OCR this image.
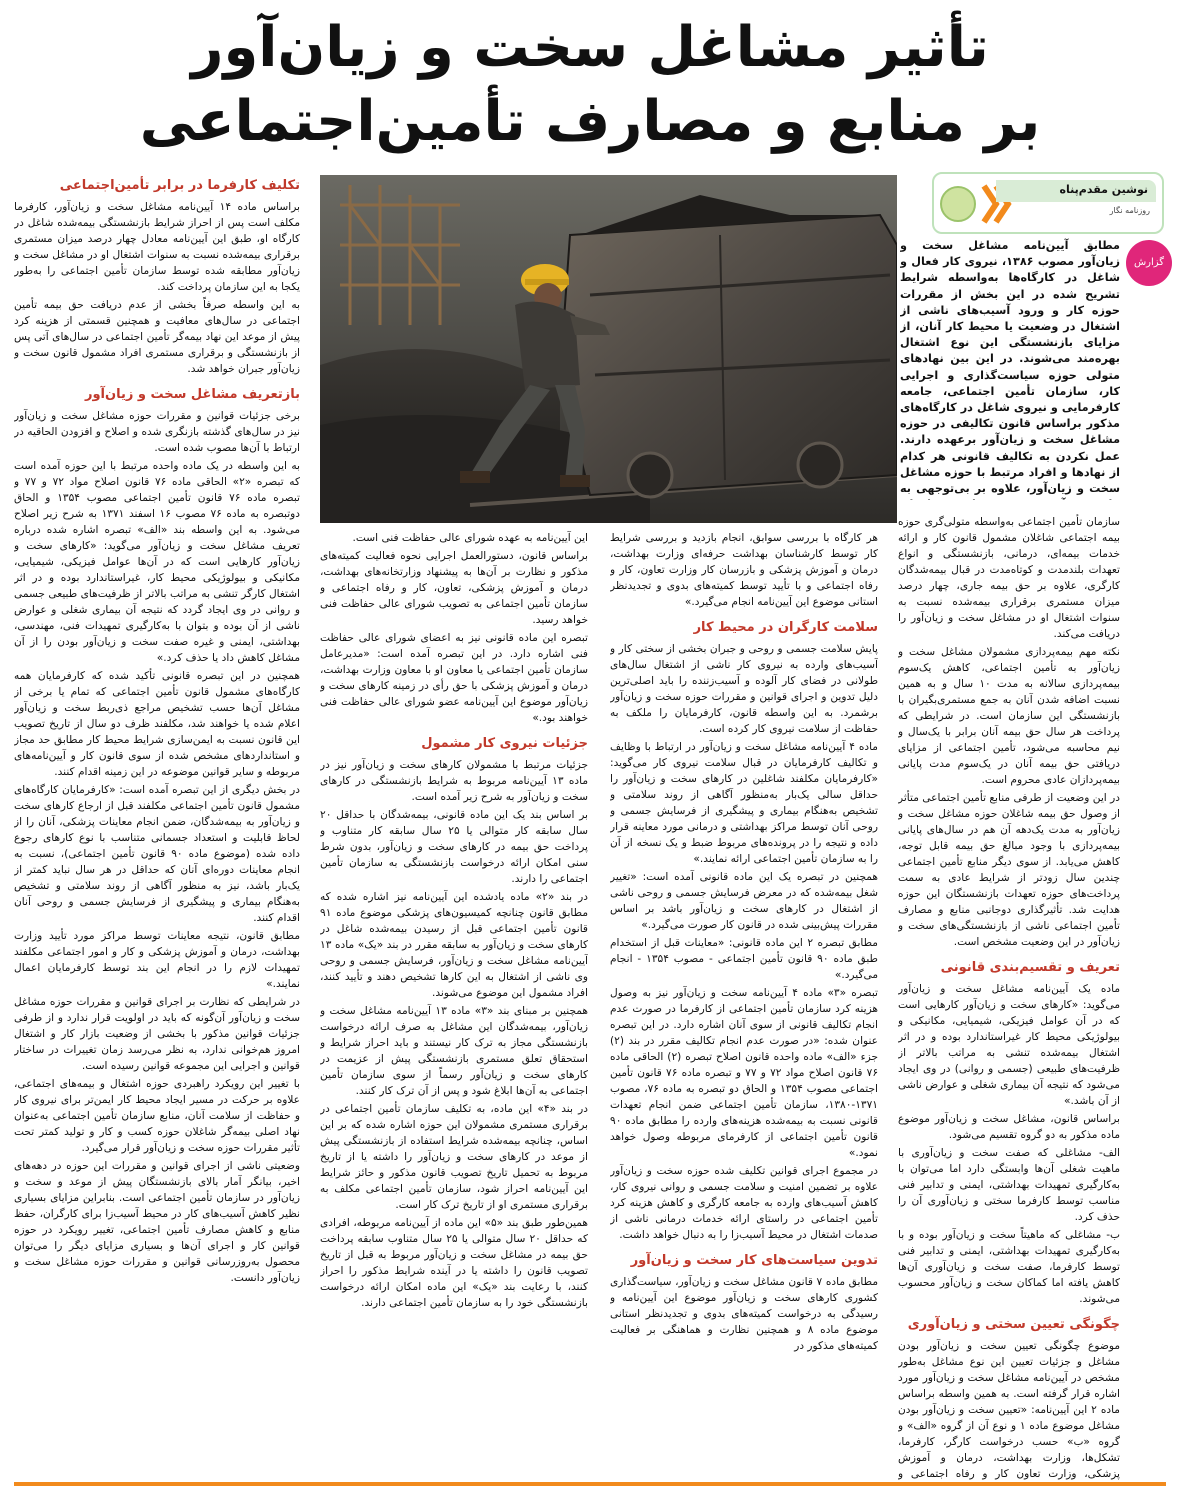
تأثیر مشاغل سخت و زیان‌آور
بر منابع و مصارف تأمین‌اجتماعی
نوشین مقدم‌پناه
روزنامه نگار
گزارش
مطابق آیین‌نامه مشاغل سخت و زیان‌آور مصوب ۱۳۸۶، نیروی کار فعال و شاغل در کارگاه‌ها به‌واسطه شرایط تشریح شده در این بخش از مقررات حوزه کار و ورود آسیب‌های ناشی از اشتغال در وضعیت یا محیط کار آنان، از مزایای بازنشستگی این نوع اشتغال بهره‌مند می‌شوند. در این بین نهادهای متولی حوزه سیاست‌گذاری و اجرایی کار، سازمان تأمین اجتماعی، جامعه کارفرمایی و نیروی شاغل در کارگاه‌های مذکور براساس قانون تکالیفی در حوزه مشاغل سخت و زیان‌آور برعهده دارند. عمل نکردن به تکالیف قانونی هر کدام از نهادها و افراد مرتبط با حوزه مشاغل سخت و زیان‌آور، علاوه بر بی‌توجهی به

سازمان تأمین اجتماعی به‌واسطه متولی‌گری حوزه بیمه اجتماعی شاغلان مشمول قانون کار و ارائه خدمات بیمه‌ای، درمانی، بازنشستگی و انواع تعهدات بلندمدت و کوتاه‌مدت در قبال بیمه‌شدگان کارگری، علاوه بر حق بیمه جاری، چهار درصد میزان مستمری برقراری بیمه‌شده نسبت به سنوات اشتغال او در مشاغل سخت و زیان‌آور را دریافت می‌کند.

نکته مهم بیمه‌پردازی مشمولان مشاغل سخت و زیان‌آور به تأمین اجتماعی، کاهش یک‌سوم بیمه‌پردازی سالانه به مدت ۱۰ سال و به همین نسبت اضافه شدن آنان به جمع مستمری‌بگیران با بازنشستگی این سازمان است. در شرایطی که پرداخت هر سال حق بیمه آنان برابر با یک‌سال و نیم محاسبه می‌شود، تأمین اجتماعی از مزایای دریافتی حق بیمه آنان در یک‌سوم مدت پایانی بیمه‌پردازان عادی محروم است.

در این وضعیت از طرفی منابع تأمین اجتماعی متأثر از وصول حق بیمه شاغلان حوزه مشاغل سخت و زیان‌آور به مدت یک‌دهه آن هم در سال‌های پایانی بیمه‌پردازی با وجود مبالغ حق بیمه قابل توجه، کاهش می‌یابد. از سوی دیگر منابع تأمین اجتماعی چندین سال زودتر از شرایط عادی به سمت پرداخت‌های حوزه تعهدات بازنشستگان این حوزه هدایت شد. تأثیرگذاری دوجانبی منابع و مصارف تأمین اجتماعی ناشی از بازنشستگی‌های سخت و زیان‌آور در این وضعیت مشخص است.

تعریف و تقسیم‌بندی قانونی

ماده یک آیین‌نامه مشاغل سخت و زیان‌آور می‌گوید: «کارهای سخت و زیان‌آور کارهایی است که در آن عوامل فیزیکی، شیمیایی، مکانیکی و بیولوژیکی محیط کار غیراستاندارد بوده و در اثر اشتغال بیمه‌شده تنشی به مراتب بالاتر از ظرفیت‌های طبیعی (جسمی و روانی) در وی ایجاد می‌شود که نتیجه آن بیماری شغلی و عوارض ناشی از آن باشد.»

براساس قانون، مشاغل سخت و زیان‌آور موضوع ماده مذکور به دو گروه تقسیم می‌شود.

الف- مشاغلی که صفت سخت و زیان‌آوری با ماهیت شغلی آن‌ها وابستگی دارد اما می‌توان با به‌کارگیری تمهیدات بهداشتی، ایمنی و تدابیر فنی مناسب توسط کارفرما سختی و زیان‌آوری آن را حذف کرد.

ب- مشاغلی که ماهیتاً سخت و زیان‌آور بوده و با به‌کارگیری تمهیدات بهداشتی، ایمنی و تدابیر فنی توسط کارفرما، صفت سخت و زیان‌آوری آن‌ها کاهش یافته اما کماکان سخت و زیان‌آور محسوب می‌شوند.

چگونگی تعیین سختی و زیان‌آوری

موضوع چگونگی تعیین سخت و زیان‌آور بودن مشاغل و جزئیات تعیین این نوع مشاغل به‌طور مشخص در آیین‌نامه مشاغل سخت و زیان‌آور مورد اشاره قرار گرفته است. به همین واسطه براساس ماده ۲ این آیین‌نامه: «تعیین سخت و زیان‌آور بودن مشاغل موضوع ماده ۱ و نوع آن از گروه «الف» و گروه «ب» حسب درخواست کارگر، کارفرما، تشکل‌ها، وزارت بهداشت، درمان و آموزش پزشکی، وزارت تعاون کار و رفاه اجتماعی و

هر کارگاه با بررسی سوابق، انجام بازدید و بررسی شرایط کار توسط کارشناسان بهداشت حرفه‌ای وزارت بهداشت، درمان و آموزش پزشکی و بازرسان کار وزارت تعاون، کار و رفاه اجتماعی و با تأیید توسط کمیته‌های بدوی و تجدیدنظر استانی موضوع این آیین‌نامه انجام می‌گیرد.»

سلامت کارگران در محیط کار

پایش سلامت جسمی و روحی و جبران بخشی از سختی کار و آسیب‌های وارده به نیروی کار ناشی از اشتغال سال‌های طولانی در فضای کار آلوده و آسیب‌زننده را باید اصلی‌ترین دلیل تدوین و اجرای قوانین و مقررات حوزه سخت و زیان‌آور برشمرد. به این واسطه قانون، کارفرمایان را ملکف به حفاظت از سلامت نیروی کار کرده است.

ماده ۴ آیین‌نامه مشاغل سخت و زیان‌آور در ارتباط با وظایف و تکالیف کارفرمایان در قبال سلامت نیروی کار می‌گوید: «کارفرمایان مکلفند شاغلین در کارهای سخت و زیان‌آور را حداقل سالی یک‌بار به‌منظور آگاهی از روند سلامتی و تشخیص به‌هنگام بیماری و پیشگیری از فرسایش جسمی و روحی آنان توسط مراکز بهداشتی و درمانی مورد معاینه قرار داده و نتیجه را در پرونده‌های مربوط ضبط و یک نسخه از آن را به سازمان تأمین اجتماعی ارائه نمایند.»

همچنین در تبصره یک این ماده قانونی آمده است: «تغییر شغل بیمه‌شده که در معرض فرسایش جسمی و روحی ناشی از اشتغال در کارهای سخت و زیان‌آور باشد بر اساس مقررات پیش‌بینی شده در قانون کار صورت می‌گیرد.»

مطابق تبصره ۲ این ماده قانونی: «معاینات قبل از استخدام طبق ماده ۹۰ قانون تأمین اجتماعی - مصوب ۱۳۵۴ - انجام می‌گیرد.»

تبصره «۳» ماده ۴ آیین‌نامه سخت و زیان‌آور نیز به وصول هزینه کرد سازمان تأمین اجتماعی از کارفرما در صورت عدم انجام تکالیف قانونی از سوی آنان اشاره دارد. در این تبصره عنوان شده: «در صورت عدم انجام تکالیف مقرر در بند (۲) جزء «الف» ماده واحده قانون اصلاح تبصره (۲) الحاقی ماده ۷۶ قانون اصلاح مواد ۷۲ و ۷۷ و تبصره ماده ۷۶ قانون تأمین اجتماعی مصوب ۱۳۵۴ و الحاق دو تبصره به ماده ۷۶، مصوب ۱۳۷۱-۱۳۸۰، سازمان تأمین اجتماعی ضمن انجام تعهدات قانونی نسبت به بیمه‌شده هزینه‌های وارده را مطابق ماده ۹۰ قانون تأمین اجتماعی از کارفرمای مربوطه وصول خواهد نمود.»

در مجموع اجرای قوانین تکلیف شده حوزه سخت و زیان‌آور علاوه بر تضمین امنیت و سلامت جسمی و روانی نیروی کار، کاهش آسیب‌های وارده به جامعه کارگری و کاهش هزینه کرد تأمین اجتماعی در راستای ارائه خدمات درمانی ناشی از صدمات اشتغال در محیط آسیب‌زا را به دنبال خواهد داشت.

تدوین سیاست‌های کار سخت و زیان‌آور

مطابق ماده ۷ قانون مشاغل سخت و زیان‌آور، سیاست‌گذاری کشوری کارهای سخت و زیان‌آور موضوع این آیین‌نامه و رسیدگی به درخواست کمیته‌های بدوی و تجدیدنظر استانی موضوع ماده ۸ و همچنین نظارت و هماهنگی بر فعالیت کمیته‌های مذکور در

این آیین‌نامه به عهده شورای عالی حفاظت فنی است.

براساس قانون، دستورالعمل اجرایی نحوه فعالیت کمیته‌های مذکور و نظارت بر آن‌ها به پیشنهاد وزارتخانه‌های بهداشت، درمان و آموزش پزشکی، تعاون، کار و رفاه اجتماعی و سازمان تأمین اجتماعی به تصویب شورای عالی حفاظت فنی خواهد رسید.

تبصره این ماده قانونی نیز به اعضای شورای عالی حفاظت فنی اشاره دارد. در این تبصره آمده است: «مدیرعامل سازمان تأمین اجتماعی یا معاون او با معاون وزارت بهداشت، درمان و آموزش پزشکی با حق رأی در زمینه کارهای سخت و زیان‌آور موضوع این آیین‌نامه عضو شورای عالی حفاظت فنی خواهند بود.»

جزئیات نیروی کار مشمول

جزئیات مرتبط با مشمولان کارهای سخت و زیان‌آور نیز در ماده ۱۳ آیین‌نامه مربوط به شرایط بازنشستگی در کارهای سخت و زیان‌آور به شرح زیر آمده است.

بر اساس بند یک این ماده قانونی، بیمه‌شدگان با حداقل ۲۰ سال سابقه کار متوالی یا ۲۵ سال سابقه کار متناوب و پرداخت حق بیمه در کارهای سخت و زیان‌آور، بدون شرط سنی امکان ارائه درخواست بازنشستگی به سازمان تأمین اجتماعی را دارند.

در بند «۲» ماده یادشده این آیین‌نامه نیز اشاره شده که مطابق قانون چنانچه کمیسیون‌های پزشکی موضوع ماده ۹۱ قانون تأمین اجتماعی قبل از رسیدن بیمه‌شده شاغل در کارهای سخت و زیان‌آور به سابقه مقرر در بند «یک» ماده ۱۳ آیین‌نامه مشاغل سخت و زیان‌آور، فرسایش جسمی و روحی وی ناشی از اشتغال به این کارها تشخیص دهند و تأیید کنند، افراد مشمول این موضوع می‌شوند.

همچنین بر مبنای بند «۳» ماده ۱۳ آیین‌نامه مشاغل سخت و زیان‌آور، بیمه‌شدگان این مشاغل به صرف ارائه درخواست بازنشستگی مجاز به ترک کار نیستند و باید احراز شرایط و استحقاق تعلق مستمری بازنشستگی پیش از عزیمت در کارهای سخت و زیان‌آور رسماً از سوی سازمان تأمین اجتماعی به آن‌ها ابلاغ شود و پس از آن ترک کار کنند.

در بند «۴» این ماده، به تکلیف سازمان تأمین اجتماعی در برقراری مستمری مشمولان این حوزه اشاره شده که بر این اساس، چنانچه بیمه‌شده شرایط استفاده از بازنشستگی پیش از موعد در کارهای سخت و زیان‌آور را داشته یا از تاریخ مربوط به تحمیل تاریخ تصویب قانون مذکور و حائز شرایط این آیین‌نامه احراز شود، سازمان تأمین اجتماعی مکلف به برقراری مستمری او از تاریخ ترک کار است.

همین‌طور طبق بند «۵» این ماده از آیین‌نامه مربوطه، افرادی که حداقل ۲۰ سال متوالی یا ۲۵ سال متناوب سابقه پرداخت حق بیمه در مشاغل سخت و زیان‌آور مربوط به قبل از تاریخ تصویب قانون را داشته یا در آینده شرایط مذکور را احراز کنند، با رعایت بند «یک» این ماده امکان ارائه درخواست بازنشستگی خود را به سازمان تأمین اجتماعی دارند.

تکلیف کارفرما در برابر تأمین‌اجتماعی

براساس ماده ۱۴ آیین‌نامه مشاغل سخت و زیان‌آور، کارفرما مکلف است پس از احراز شرایط بازنشستگی بیمه‌شده شاغل در کارگاه او، طبق این آیین‌نامه معادل چهار درصد میزان مستمری برقراری بیمه‌شده نسبت به سنوات اشتغال او در مشاغل سخت و زیان‌آور مطابقه شده توسط سازمان تأمین اجتماعی را به‌طور یکجا به این سازمان پرداخت کند.

به این واسطه صرفاً بخشی از عدم دریافت حق بیمه تأمین اجتماعی در سال‌های معافیت و همچنین قسمتی از هزینه کرد پیش از موعد این نهاد بیمه‌گر تأمین اجتماعی در سال‌های آتی پس از بازنشستگی و برقراری مستمری افراد مشمول قانون سخت و زیان‌آور جبران خواهد شد.

بازتعریف مشاغل سخت و زیان‌آور

برخی جزئیات قوانین و مقررات حوزه مشاغل سخت و زیان‌آور نیز در سال‌های گذشته بازنگری شده و اصلاح و افزودن الحاقیه در ارتباط با آن‌ها مصوب شده است.

به این واسطه در یک ماده واحده مرتبط با این حوزه آمده است که تبصره «۲» الحاقی ماده ۷۶ قانون اصلاح مواد ۷۲ و ۷۷ و تبصره ماده ۷۶ قانون تأمین اجتماعی مصوب ۱۳۵۴ و الحاق دوتبصره به ماده ۷۶ مصوب ۱۶ اسفند ۱۳۷۱ به شرح زیر اصلاح می‌شود. به این واسطه بند «الف» تبصره اشاره شده درباره تعریف مشاغل سخت و زیان‌آور می‌گوید: «کارهای سخت و زیان‌آور کارهایی است که در آن‌ها عوامل فیزیکی، شیمیایی، مکانیکی و بیولوژیکی محیط کار، غیراستاندارد بوده و در اثر اشتغال کارگر تنشی به مراتب بالاتر از ظرفیت‌های طبیعی جسمی و روانی در وی ایجاد گردد که نتیجه آن بیماری شغلی و عوارض ناشی از آن بوده و بتوان با به‌کارگیری تمهیدات فنی، مهندسی، بهداشتی، ایمنی و غیره صفت سخت و زیان‌آور بودن را از آن مشاغل کاهش داد یا حذف کرد.»

همچنین در این تبصره قانونی تأکید شده که کارفرمایان همه کارگاه‌های مشمول قانون تأمین اجتماعی که تمام یا برخی از مشاغل آن‌ها حسب تشخیص مراجع ذی‌ربط سخت و زیان‌آور اعلام شده یا خواهند شد، مکلفند ظرف دو سال از تاریخ تصویب این قانون نسبت به ایمن‌سازی شرایط محیط کار مطابق حد مجاز و استانداردهای مشخص شده از سوی قانون کار و آیین‌نامه‌های مربوطه و سایر قوانین موضوعه در این زمینه اقدام کنند.

در بخش دیگری از این تبصره آمده است: «کارفرمایان کارگاه‌های مشمول قانون تأمین اجتماعی مکلفند قبل از ارجاع کارهای سخت و زیان‌آور به بیمه‌شدگان، ضمن انجام معاینات پزشکی، آنان را از لحاظ قابلیت و استعداد جسمانی متناسب با نوع کارهای رجوع داده شده (موضوع ماده ۹۰ قانون تأمین اجتماعی)، نسبت به انجام معاینات دوره‌ای آنان که حداقل در هر سال نباید کمتر از یک‌بار باشد، نیز به منظور آگاهی از روند سلامتی و تشخیص به‌هنگام بیماری و پیشگیری از فرسایش جسمی و روحی آنان اقدام کنند.

مطابق قانون، نتیجه معاینات توسط مراکز مورد تأیید وزارت بهداشت، درمان و آموزش پزشکی و کار و امور اجتماعی مکلفند تمهیدات لازم را در انجام این بند توسط کارفرمایان اعمال نمایند.»

در شرایطی که نظارت بر اجرای قوانین و مقررات حوزه مشاغل سخت و زیان‌آور آن‌گونه که باید در اولویت قرار ندارد و از طرفی جزئیات قوانین مذکور با بخشی از وضعیت بازار کار و اشتغال امروز هم‌خوانی ندارد، به نظر می‌رسد زمان تغییرات در ساختار قوانین و اجرایی این مجموعه قوانین رسیده است.

با تغییر این رویکرد راهبردی حوزه اشتغال و بیمه‌های اجتماعی، علاوه بر حرکت در مسیر ایجاد محیط کار ایمن‌تر برای نیروی کار و حفاظت از سلامت آنان، منابع سازمان تأمین اجتماعی به‌عنوان نهاد اصلی بیمه‌گر شاغلان حوزه کسب و کار و تولید کمتر تحت تأثیر مقررات حوزه سخت و زیان‌آور قرار می‌گیرد.

وضعیتی ناشی از اجرای قوانین و مقررات این حوزه در دهه‌های اخیر، بیانگر آمار بالای بازنشستگان پیش از موعد و سخت و زیان‌آور در سازمان تأمین اجتماعی است. بنابراین مزایای بسیاری نظیر کاهش آسیب‌های کار در محیط آسیب‌زا برای کارگران، حفظ منابع و کاهش مصارف تأمین اجتماعی، تغییر رویکرد در حوزه قوانین کار و اجرای آن‌ها و بسیاری مزایای دیگر را می‌توان محصول به‌روزرسانی قوانین و مقررات حوزه مشاغل سخت و زیان‌آور دانست.
